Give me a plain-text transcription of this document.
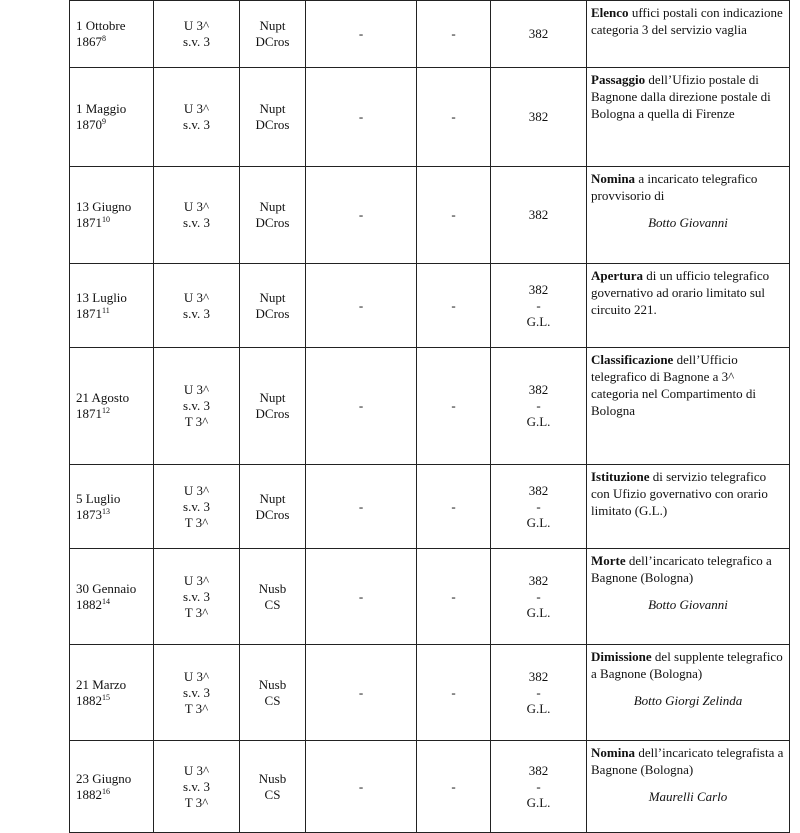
1 Ottobre
1867$^8$	U 3^
s.v. 3	Nupt
DCros	-	-	382	Elenco uffici postali con indicazione categoria 3 del servizio vaglia

1 Maggio
1870$^9$	U 3^
s.v. 3	Nupt
DCros	-	-	382	Passaggio dell’Ufizio postale di Bagnone dalla direzione postale di Bologna a quella di Firenze

13 Giugno
1871$^{10}$	U 3^
s.v. 3	Nupt
DCros	-	-	382	Nomina a incaricato telegrafico provvisorio di
Botto Giovanni

13 Luglio
1871$^{11}$	U 3^
s.v. 3	Nupt
DCros	-	-	382
-
G.L.	Apertura di un ufficio telegrafico governativo ad orario limitato sul circuito 221.

21 Agosto
1871$^{12}$	U 3^
s.v. 3
T 3^	Nupt
DCros	-	-	382
-
G.L.	Classificazione dell’Ufficio telegrafico di Bagnone a 3^ categoria nel Compartimento di Bologna

5 Luglio
1873$^{13}$	U 3^
s.v. 3
T 3^	Nupt
DCros	-	-	382
-
G.L.	Istituzione di servizio telegrafico con Ufizio governativo con orario limitato (G.L.)

30 Gennaio
1882$^{14}$	U 3^
s.v. 3
T 3^	Nusb
CS	-	-	382
-
G.L.	Morte dell’incaricato telegrafico a Bagnone (Bologna)
Botto Giovanni

21 Marzo
1882$^{15}$	U 3^
s.v. 3
T 3^	Nusb
CS	-	-	382
-
G.L.	Dimissione del supplente telegrafico a Bagnone (Bologna)
Botto Giorgi Zelinda

23 Giugno
1882$^{16}$	U 3^
s.v. 3
T 3^	Nusb
CS	-	-	382
-
G.L.	Nomina dell’incaricato telegrafista a Bagnone (Bologna)
Maurelli Carlo
